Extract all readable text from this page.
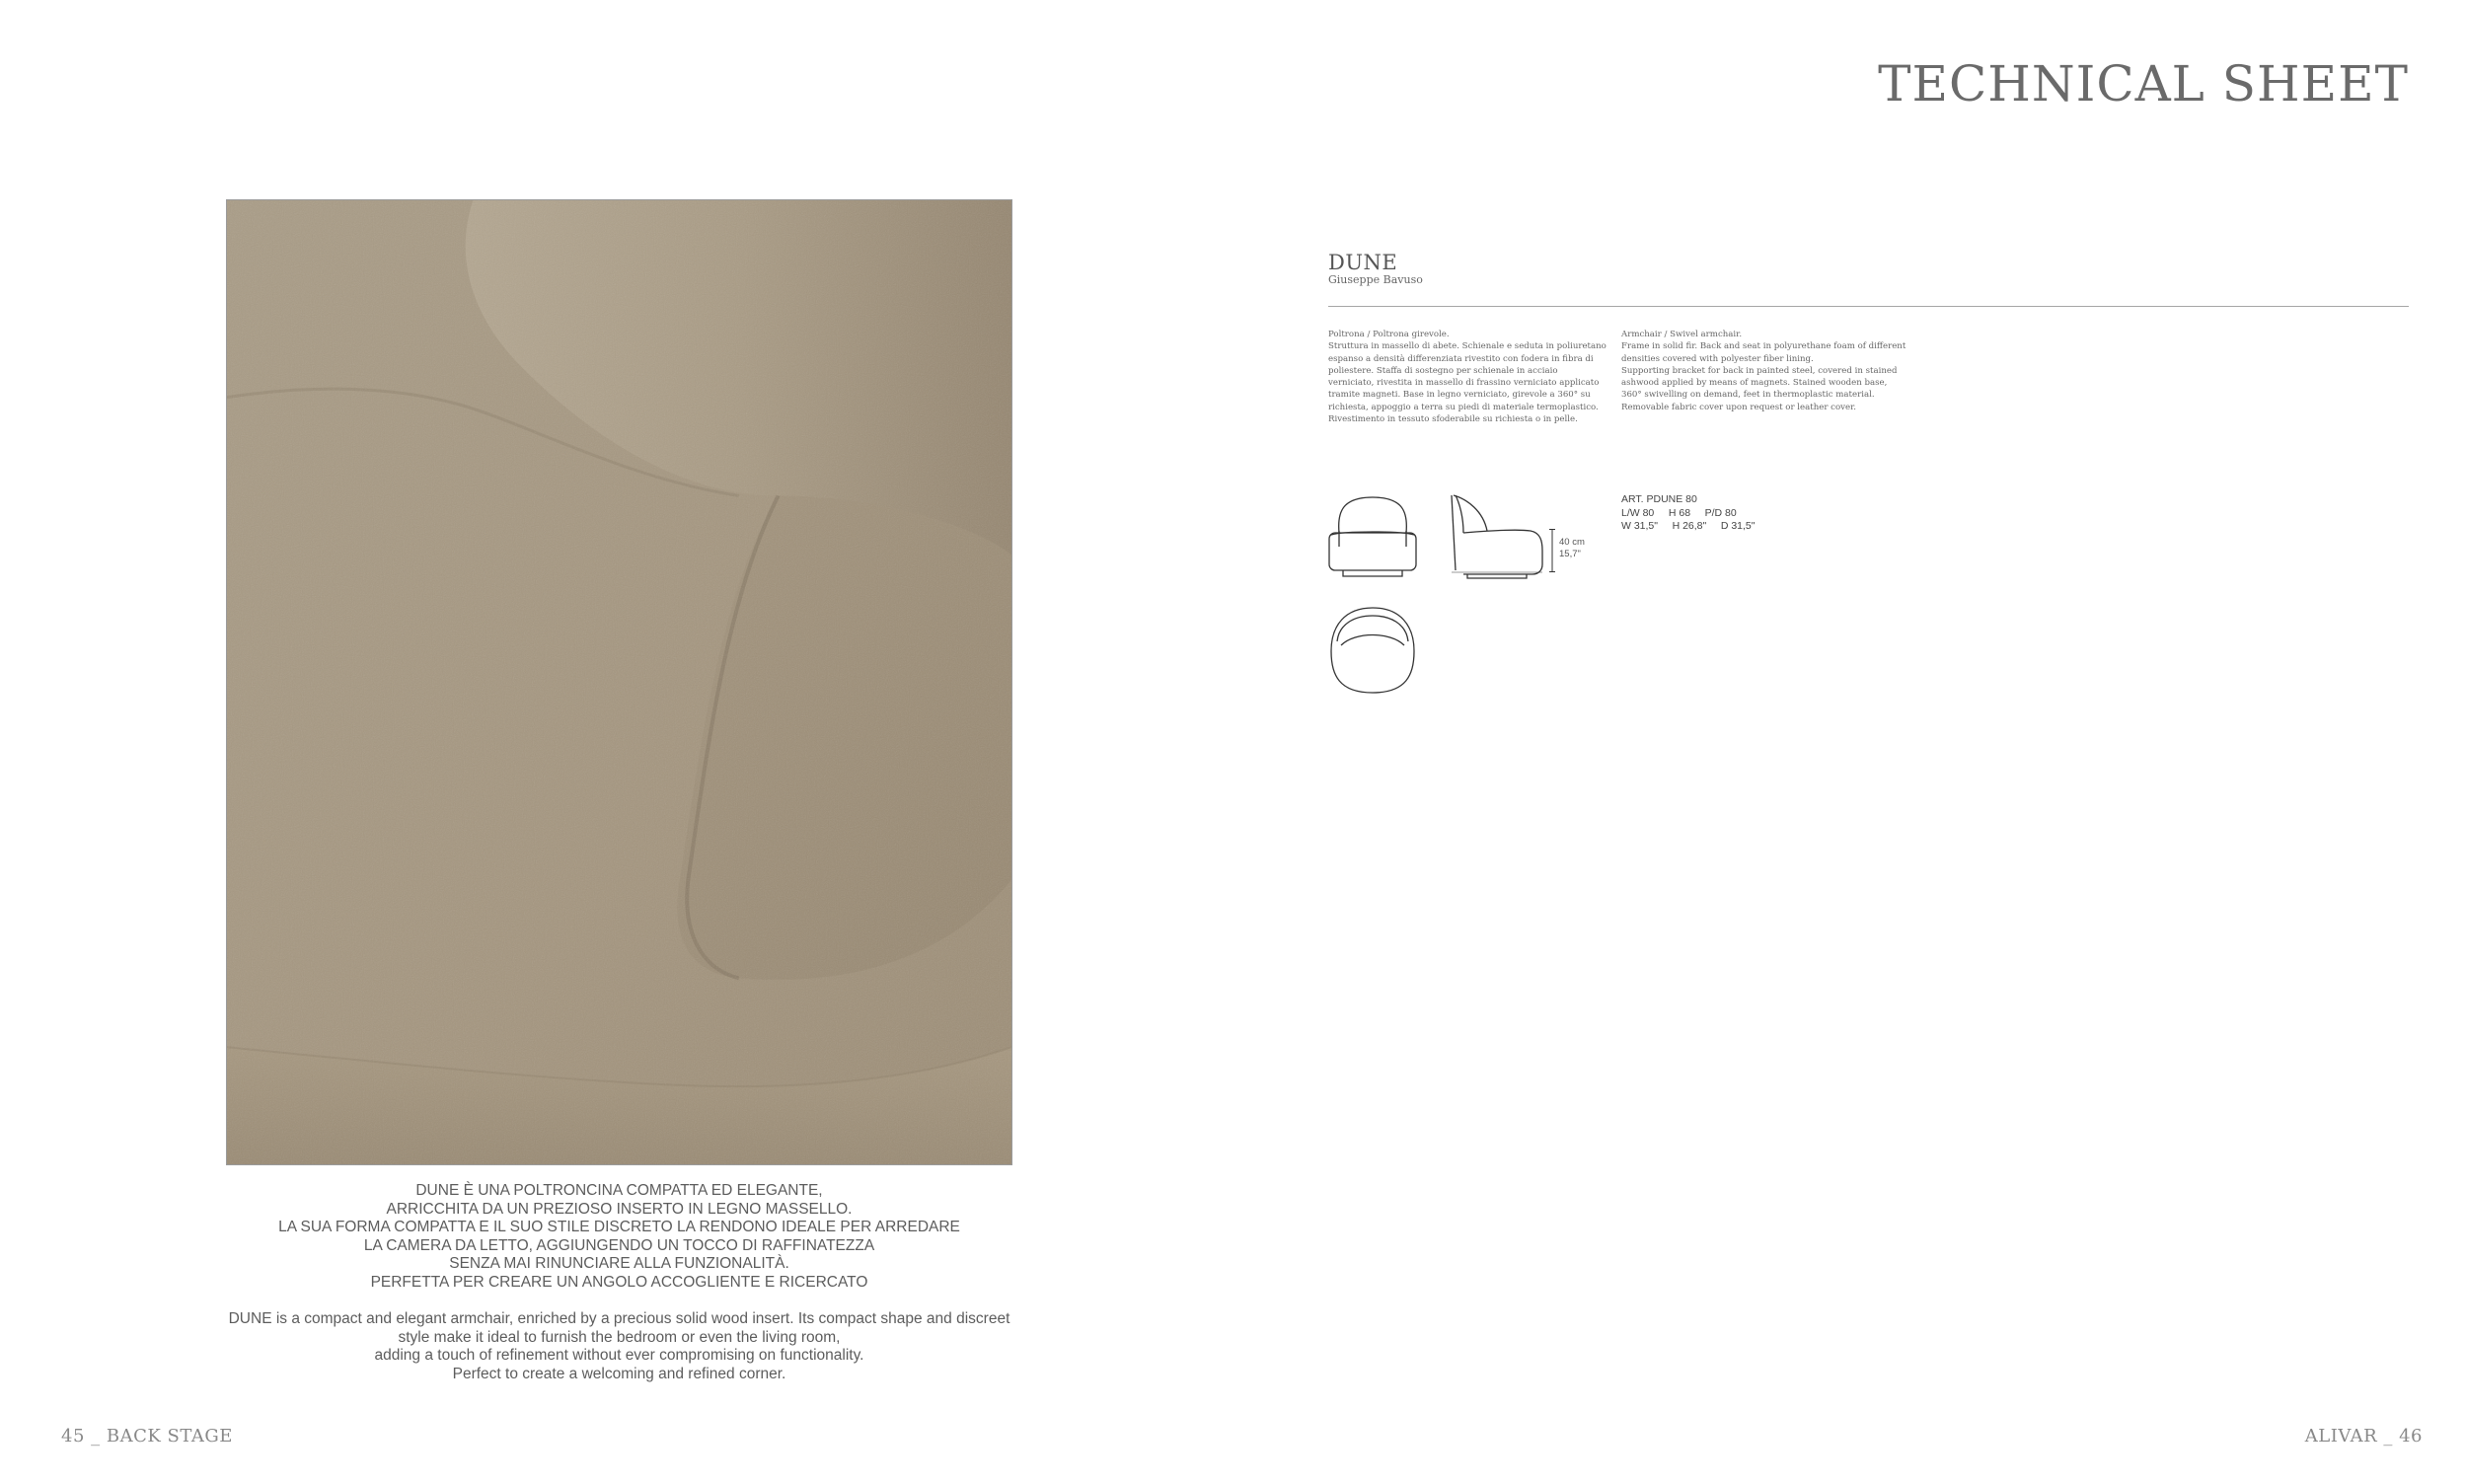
TECHNICAL SHEET
DUNE È UNA POLTRONCINA COMPATTA ED ELEGANTE,
ARRICCHITA DA UN PREZIOSO INSERTO IN LEGNO MASSELLO.
LA SUA FORMA COMPATTA E IL SUO STILE DISCRETO LA RENDONO IDEALE PER ARREDARE
LA CAMERA DA LETTO, AGGIUNGENDO UN TOCCO DI RAFFINATEZZA
SENZA MAI RINUNCIARE ALLA FUNZIONALITÀ.
PERFETTA PER CREARE UN ANGOLO ACCOGLIENTE E RICERCATO
DUNE is a compact and elegant armchair, enriched by a precious solid wood insert. Its compact shape and discreet
style make it ideal to furnish the bedroom or even the living room,
adding a touch of refinement without ever compromising on functionality.
Perfect to create a welcoming and refined corner.
DUNE
Giuseppe Bavuso
Poltrona / Poltrona girevole.
Struttura in massello di abete. Schienale e seduta in poliuretano
espanso a densità differenziata rivestito con fodera in fibra di
poliestere. Staffa di sostegno per schienale in acciaio
verniciato, rivestita in massello di frassino verniciato applicato
tramite magneti. Base in legno verniciato, girevole a 360° su
richiesta, appoggio a terra su piedi di materiale termoplastico.
Rivestimento in tessuto sfoderabile su richiesta o in pelle.
Armchair / Swivel armchair.
Frame in solid fir. Back and seat in polyurethane foam of different
densities covered with polyester fiber lining.
Supporting bracket for back in painted steel, covered in stained
ashwood applied by means of magnets. Stained wooden base,
360° swivelling on demand, feet in thermoplastic material.
Removable fabric cover upon request or leather cover.
40 cm
15,7"
ART. PDUNE 80
L/W 80     H 68     P/D 80
W 31,5"     H 26,8"     D 31,5"
45 _ BACK STAGE	ALIVAR _ 46
